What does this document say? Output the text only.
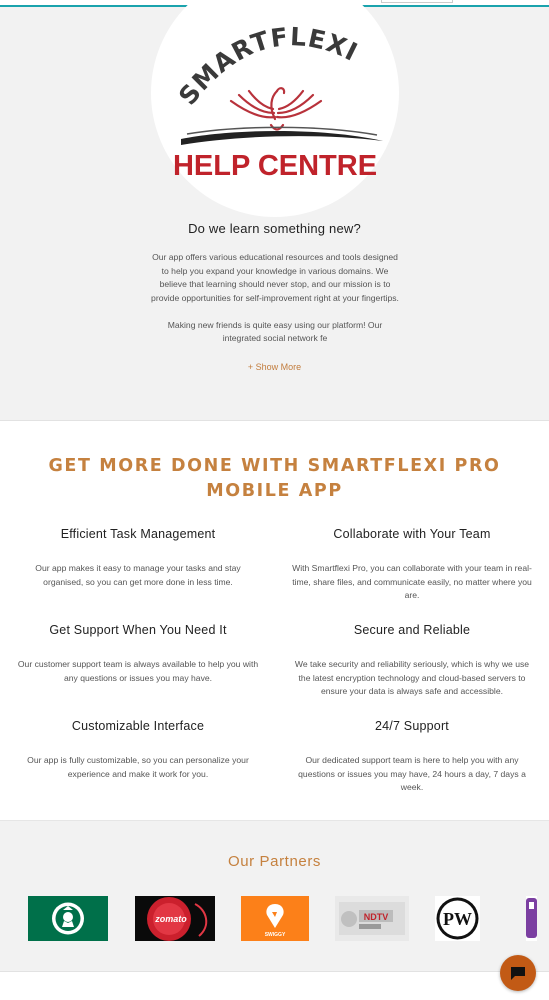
SMARTFLEXI
HELP CENTRE
Do we learn something new?

Our app offers various educational resources and tools designed to help you expand your knowledge in various domains. We believe that learning should never stop, and our mission is to provide opportunities for self-improvement right at your fingertips.

Making new friends is quite easy using our platform! Our integrated social network fe

+ Show More
GET MORE DONE WITH SMARTFLEXI PRO MOBILE APP
Efficient Task Management
Our app makes it easy to manage your tasks and stay organised, so you can get more done in less time.
Collaborate with Your Team
With Smartflexi Pro, you can collaborate with your team in real-time, share files, and communicate easily, no matter where you are.
Get Support When You Need It
Our customer support team is always available to help you with any questions or issues you may have.
Secure and Reliable
We take security and reliability seriously, which is why we use the latest encryption technology and cloud-based servers to ensure your data is always safe and accessible.
Customizable Interface
Our app is fully customizable, so you can personalize your experience and make it work for you.
24/7 Support
Our dedicated support team is here to help you with any questions or issues you may have, 24 hours a day, 7 days a week.
Our Partners
zomato
SWIGGY
NDTV	PW
